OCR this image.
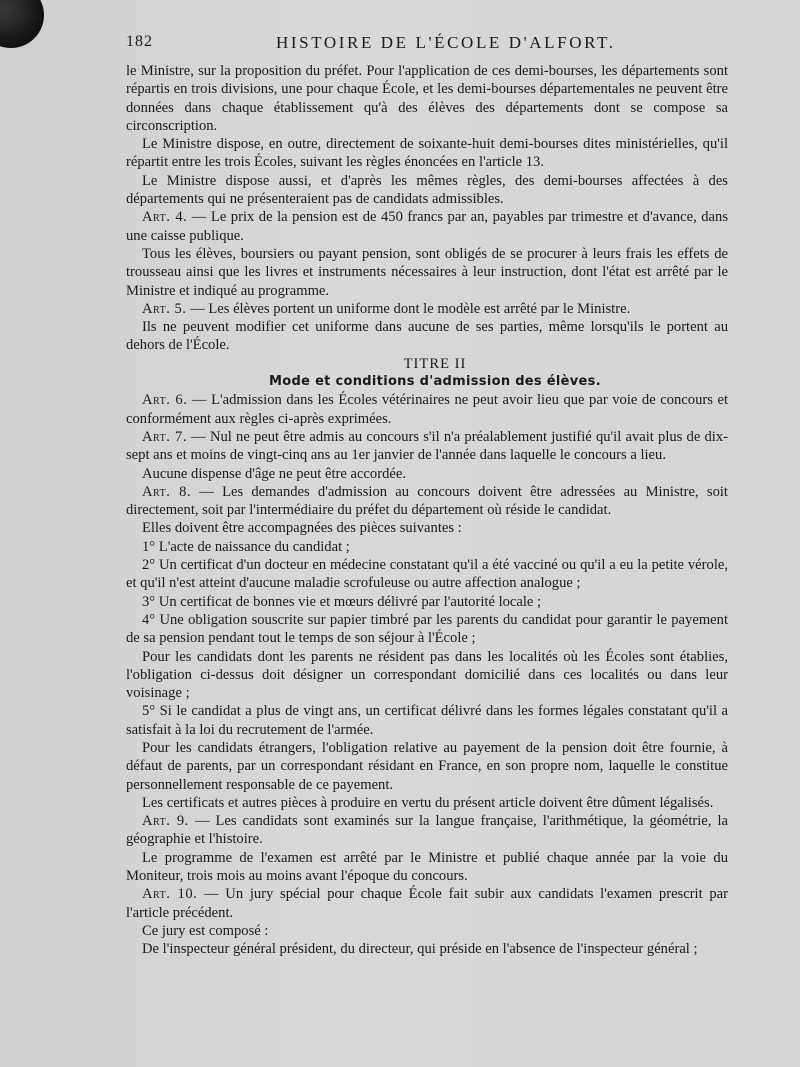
182	HISTOIRE DE L'ÉCOLE D'ALFORT.

le Ministre, sur la proposition du préfet. Pour l'application de ces demi-bourses, les départements sont répartis en trois divisions, une pour chaque École, et les demi-bourses départementales ne peuvent être données dans chaque établissement qu'à des élèves des départements dont se compose sa circonscription.

Le Ministre dispose, en outre, directement de soixante-huit demi-bourses dites ministérielles, qu'il répartit entre les trois Écoles, suivant les règles énoncées en l'article 13.

Le Ministre dispose aussi, et d'après les mêmes règles, des demi-bourses affectées à des départements qui ne présenteraient pas de candidats admissibles.

Art. 4. — Le prix de la pension est de 450 francs par an, payables par trimestre et d'avance, dans une caisse publique.

Tous les élèves, boursiers ou payant pension, sont obligés de se procurer à leurs frais les effets de trousseau ainsi que les livres et instruments nécessaires à leur instruction, dont l'état est arrêté par le Ministre et indiqué au programme.

Art. 5. — Les élèves portent un uniforme dont le modèle est arrêté par le Ministre.

Ils ne peuvent modifier cet uniforme dans aucune de ses parties, même lorsqu'ils le portent au dehors de l'École.

TITRE II

Mode et conditions d'admission des élèves.

Art. 6. — L'admission dans les Écoles vétérinaires ne peut avoir lieu que par voie de concours et conformément aux règles ci-après exprimées.

Art. 7. — Nul ne peut être admis au concours s'il n'a préalablement justifié qu'il avait plus de dix-sept ans et moins de vingt-cinq ans au 1er janvier de l'année dans laquelle le concours a lieu.

Aucune dispense d'âge ne peut être accordée.

Art. 8. — Les demandes d'admission au concours doivent être adressées au Ministre, soit directement, soit par l'intermédiaire du préfet du département où réside le candidat.

Elles doivent être accompagnées des pièces suivantes :

1° L'acte de naissance du candidat ;

2° Un certificat d'un docteur en médecine constatant qu'il a été vacciné ou qu'il a eu la petite vérole, et qu'il n'est atteint d'aucune maladie scrofuleuse ou autre affection analogue ;

3° Un certificat de bonnes vie et mœurs délivré par l'autorité locale ;

4° Une obligation souscrite sur papier timbré par les parents du candidat pour garantir le payement de sa pension pendant tout le temps de son séjour à l'École ;

Pour les candidats dont les parents ne résident pas dans les localités où les Écoles sont établies, l'obligation ci-dessus doit désigner un correspondant domicilié dans ces localités ou dans leur voisinage ;

5° Si le candidat a plus de vingt ans, un certificat délivré dans les formes légales constatant qu'il a satisfait à la loi du recrutement de l'armée.

Pour les candidats étrangers, l'obligation relative au payement de la pension doit être fournie, à défaut de parents, par un correspondant résidant en France, en son propre nom, laquelle le constitue personnellement responsable de ce payement.

Les certificats et autres pièces à produire en vertu du présent article doivent être dûment légalisés.

Art. 9. — Les candidats sont examinés sur la langue française, l'arithmétique, la géométrie, la géographie et l'histoire.

Le programme de l'examen est arrêté par le Ministre et publié chaque année par la voie du Moniteur, trois mois au moins avant l'époque du concours.

Art. 10. — Un jury spécial pour chaque École fait subir aux candidats l'examen prescrit par l'article précédent.

Ce jury est composé :

De l'inspecteur général président, du directeur, qui préside en l'absence de l'inspecteur général ;
